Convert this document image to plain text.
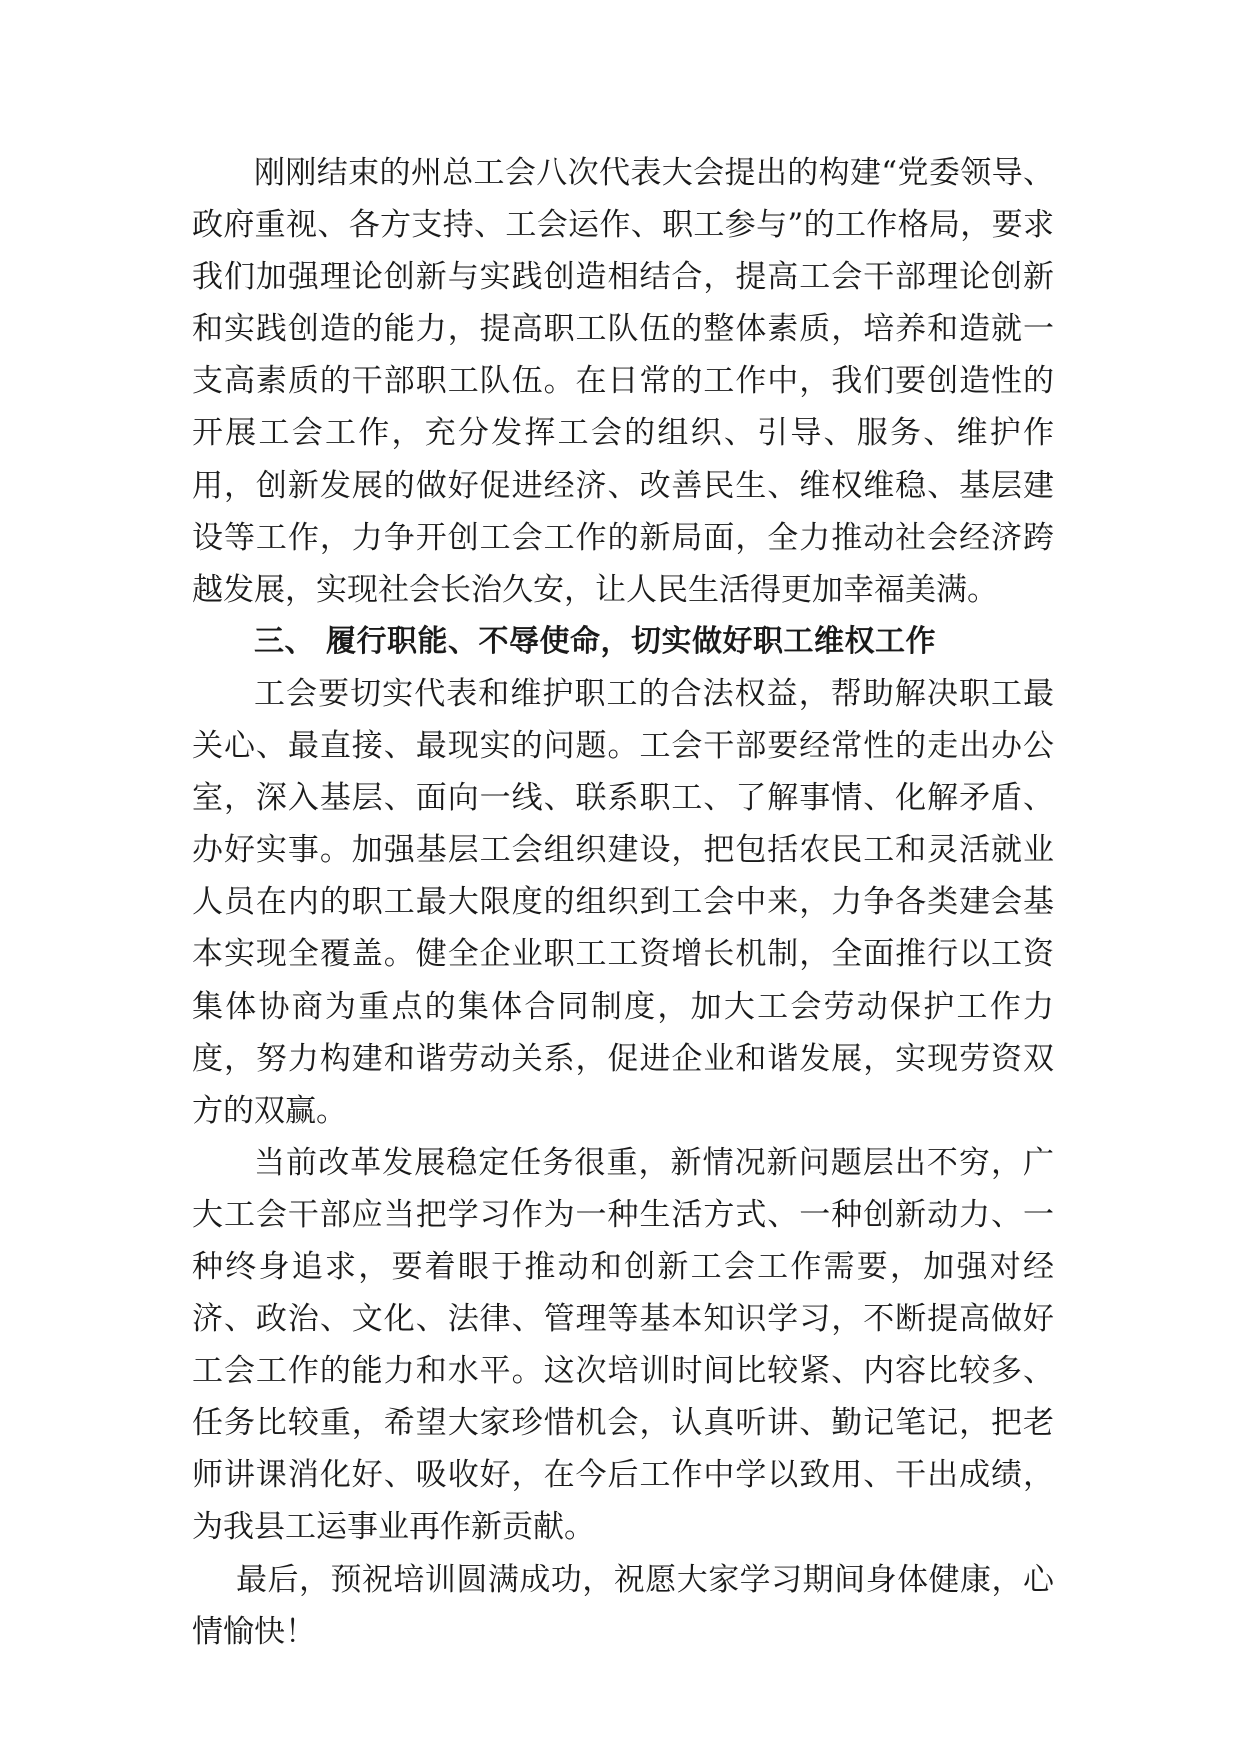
刚刚结束的州总工会八次代表大会提出的构建“党委领导、政府重视、各方支持、工会运作、职工参与”的工作格局，要求我们加强理论创新与实践创造相结合，提高工会干部理论创新和实践创造的能力，提高职工队伍的整体素质，培养和造就一支高素质的干部职工队伍。在日常的工作中，我们要创造性的开展工会工作，充分发挥工会的组织、引导、服务、维护作用，创新发展的做好促进经济、改善民生、维权维稳、基层建设等工作，力争开创工会工作的新局面，全力推动社会经济跨越发展，实现社会长治久安，让人民生活得更加幸福美满。

三、 履行职能、不辱使命，切实做好职工维权工作

工会要切实代表和维护职工的合法权益，帮助解决职工最关心、最直接、最现实的问题。工会干部要经常性的走出办公室，深入基层、面向一线、联系职工、了解事情、化解矛盾、办好实事。加强基层工会组织建设，把包括农民工和灵活就业人员在内的职工最大限度的组织到工会中来，力争各类建会基本实现全覆盖。健全企业职工工资增长机制，全面推行以工资集体协商为重点的集体合同制度，加大工会劳动保护工作力度，努力构建和谐劳动关系，促进企业和谐发展，实现劳资双方的双赢。

当前改革发展稳定任务很重，新情况新问题层出不穷，广大工会干部应当把学习作为一种生活方式、一种创新动力、一种终身追求，要着眼于推动和创新工会工作需要，加强对经济、政治、文化、法律、管理等基本知识学习，不断提高做好工会工作的能力和水平。这次培训时间比较紧、内容比较多、任务比较重，希望大家珍惜机会，认真听讲、勤记笔记，把老师讲课消化好、吸收好，在今后工作中学以致用、干出成绩，为我县工运事业再作新贡献。

最后，预祝培训圆满成功，祝愿大家学习期间身体健康，心情愉快！
